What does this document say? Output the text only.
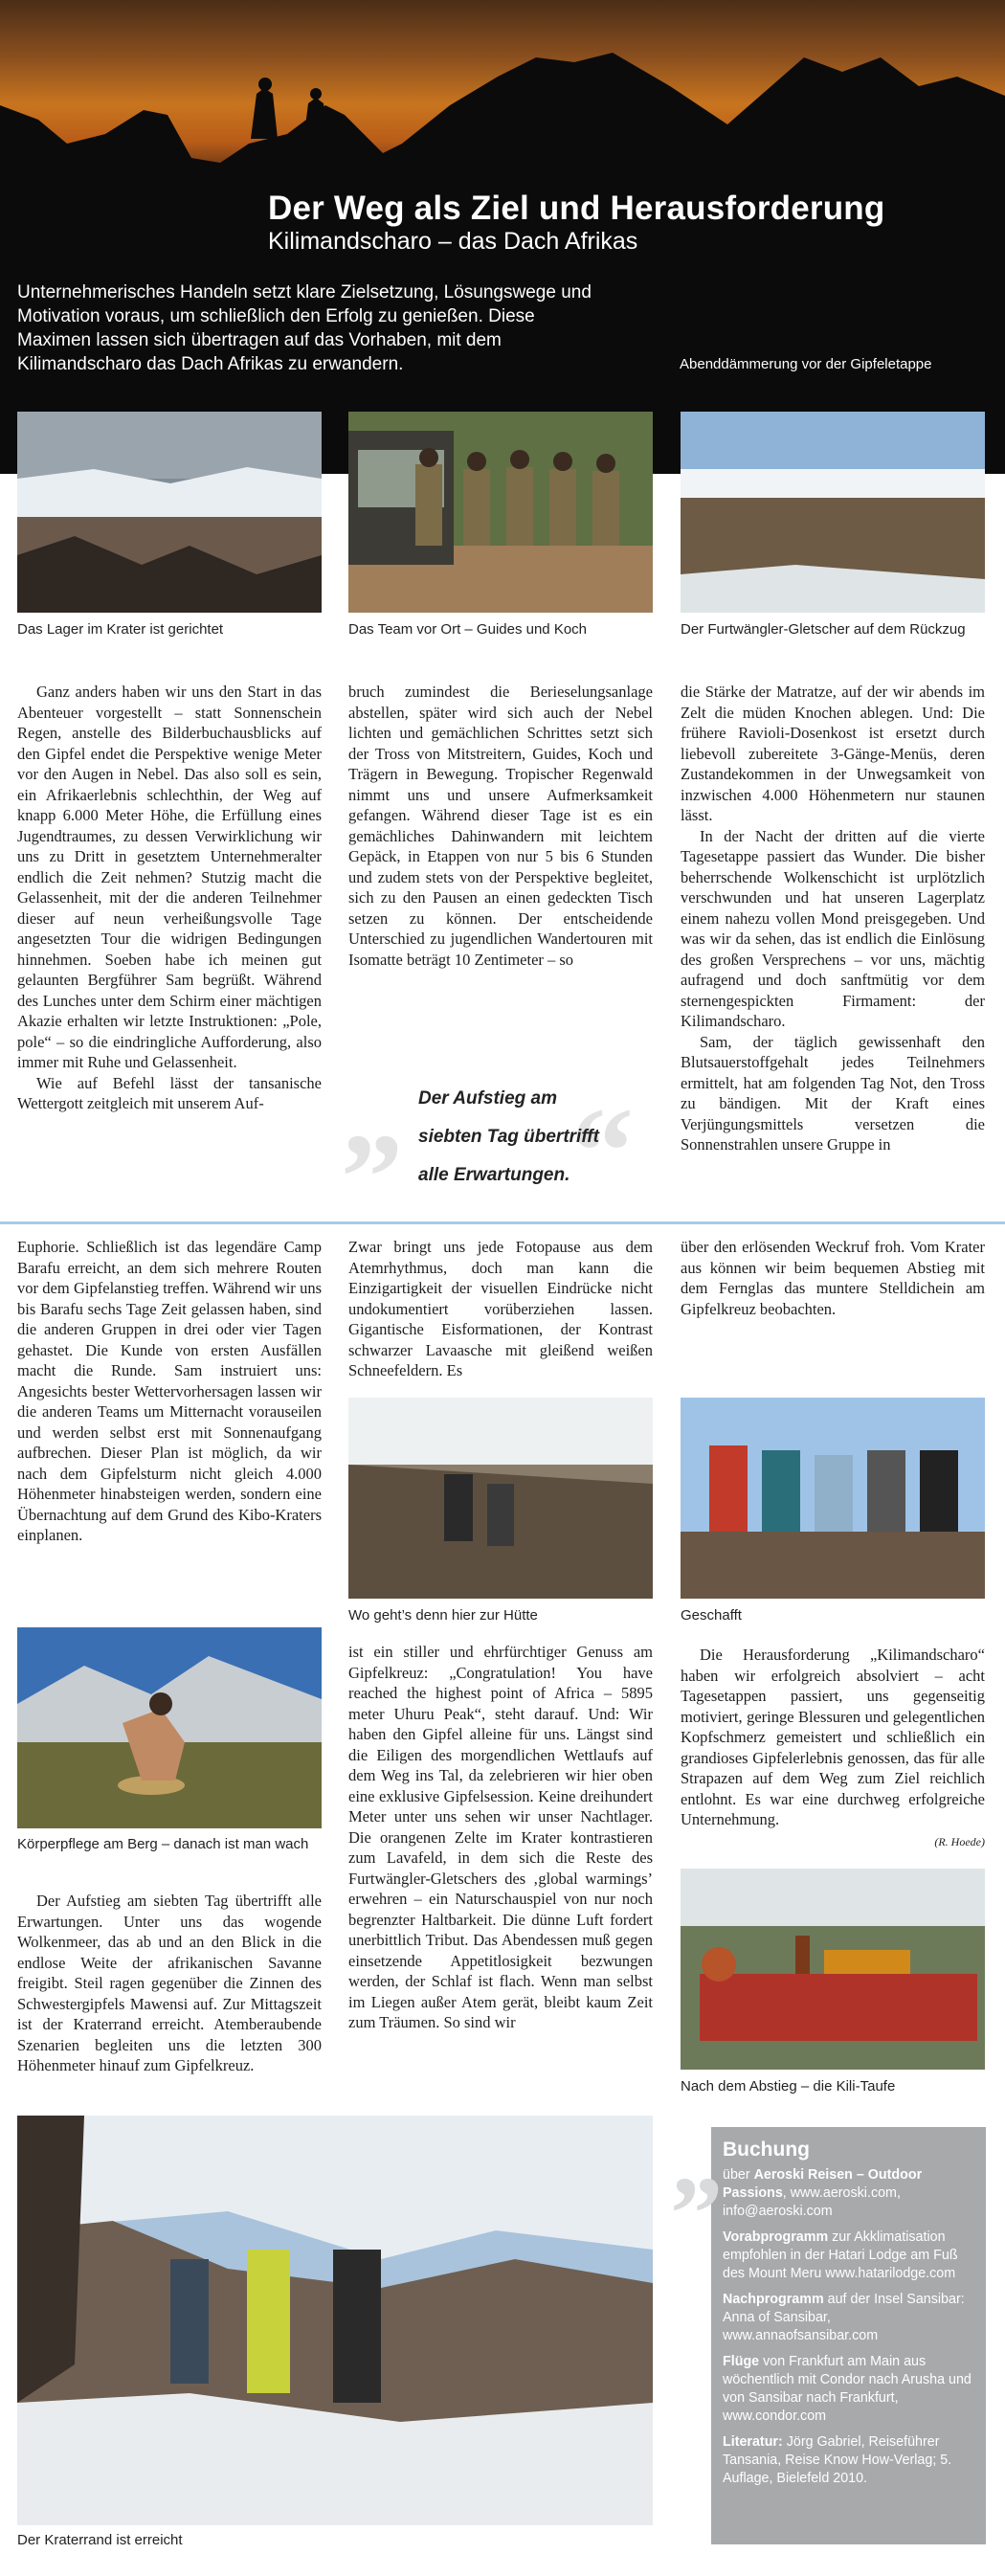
Der Weg als Ziel und Herausforderung
Kilimandscharo – das Dach Afrikas
Unternehmerisches Handeln setzt klare Zielsetzung, Lösungswege und Motivation voraus, um schließlich den Erfolg zu genießen. Diese Maximen lassen sich übertragen auf das Vorhaben, mit dem Kilimandscharo das Dach Afrikas zu erwandern.	Abenddämmerung vor der Gipfeletappe
Das Lager im Krater ist gerichtet	Das Team vor Ort – Guides und Koch	Der Furtwängler-Gletscher auf dem Rückzug

Ganz anders haben wir uns den Start in das Abenteuer vorgestellt – statt Sonnenschein Regen, anstelle des Bilderbuchausblicks auf den Gipfel endet die Perspektive wenige Meter vor den Augen in Nebel. Das also soll es sein, ein Afrikaerlebnis schlechthin, der Weg auf knapp 6.000 Meter Höhe, die Erfüllung eines Jugendtraumes, zu dessen Verwirklichung wir uns zu Dritt in gesetztem Unternehmeralter endlich die Zeit nehmen? Stutzig macht die Gelassenheit, mit der die anderen Teilnehmer dieser auf neun verheißungsvolle Tage angesetzten Tour die widrigen Bedingungen hinnehmen. Soeben habe ich meinen gut gelaunten Bergführer Sam begrüßt. Während des Lunches unter dem Schirm einer mächtigen Akazie erhalten wir letzte Instruktionen: „Pole, pole“ – so die eindringliche Aufforderung, also immer mit Ruhe und Gelassenheit.

Wie auf Befehl lässt der tansanische Wettergott zeitgleich mit unserem Auf-

bruch zumindest die Berieselungsanlage abstellen, später wird sich auch der Nebel lichten und gemächlichen Schrittes setzt sich der Tross von Mitstreitern, Guides, Koch und Trägern in Bewegung. Tropischer Regenwald nimmt uns und unsere Aufmerksamkeit gefangen. Während dieser Tage ist es ein gemächliches Dahinwandern mit leichtem Gepäck, in Etappen von nur 5 bis 6 Stunden und zudem stets von der Perspektive begleitet, sich zu den Pausen an einen gedeckten Tisch setzen zu können. Der entscheidende Unterschied zu jugendlichen Wandertouren mit Isomatte beträgt 10 Zentimeter – so

„ “
Der Aufstieg am
siebten Tag übertrifft
alle Erwartungen.

die Stärke der Matratze, auf der wir abends im Zelt die müden Knochen ablegen. Und: Die frühere Ravioli-Dosenkost ist ersetzt durch liebevoll zubereitete 3-Gänge-Menüs, deren Zustandekommen in der Unwegsamkeit von inzwischen 4.000 Höhenmetern nur staunen lässt.

In der Nacht der dritten auf die vierte Tagesetappe passiert das Wunder. Die bisher beherrschende Wolkenschicht ist urplötzlich verschwunden und hat unseren Lagerplatz einem nahezu vollen Mond preisgegeben. Und was wir da sehen, das ist endlich die Einlösung des großen Versprechens – vor uns, mächtig aufragend und doch sanftmütig vor dem sternengespickten Firmament: der Kilimandscharo.

Sam, der täglich gewissenhaft den Blutsauerstoffgehalt jedes Teilnehmers ermittelt, hat am folgenden Tag Not, den Tross zu bändigen. Mit der Kraft eines Verjüngungsmittels versetzen die Sonnenstrahlen unsere Gruppe in

Euphorie. Schließlich ist das legendäre Camp Barafu erreicht, an dem sich mehrere Routen vor dem Gipfelanstieg treffen. Während wir uns bis Barafu sechs Tage Zeit gelassen haben, sind die anderen Gruppen in drei oder vier Tagen gehastet. Die Kunde von ersten Ausfällen macht die Runde. Sam instruiert uns: Angesichts bester Wettervorhersagen lassen wir die anderen Teams um Mitternacht vorauseilen und werden selbst erst mit Sonnenaufgang aufbrechen. Dieser Plan ist möglich, da wir nach dem Gipfelsturm nicht gleich 4.000 Höhenmeter hinabsteigen werden, sondern eine Übernachtung auf dem Grund des Kibo-Kraters einplanen.

Körperpflege am Berg – danach ist man wach

Der Aufstieg am siebten Tag übertrifft alle Erwartungen. Unter uns das wogende Wolkenmeer, das ab und an den Blick in die endlose Weite der afrikanischen Savanne freigibt. Steil ragen gegenüber die Zinnen des Schwestergipfels Mawensi auf. Zur Mittagszeit ist der Kraterrand erreicht. Atemberaubende Szenarien begleiten uns die letzten 300 Höhenmeter hinauf zum Gipfelkreuz.

Zwar bringt uns jede Fotopause aus dem Atemrhythmus, doch man kann die Einzigartigkeit der visuellen Eindrücke nicht undokumentiert vorüberziehen lassen. Gigantische Eisformationen, der Kontrast schwarzer Lavaasche mit gleißend weißen Schneefeldern. Es

Wo geht’s denn hier zur Hütte

ist ein stiller und ehrfürchtiger Genuss am Gipfelkreuz: „Congratulation! You have reached the highest point of Africa – 5895 meter Uhuru Peak“, steht darauf. Und: Wir haben den Gipfel alleine für uns. Längst sind die Eiligen des morgendlichen Wettlaufs auf dem Weg ins Tal, da zelebrieren wir hier oben eine exklusive Gipfelsession. Keine dreihundert Meter unter uns sehen wir unser Nachtlager. Die orangenen Zelte im Krater kontrastieren zum Lavafeld, in dem sich die Reste des Furtwängler-Gletschers des ‚global warmings’ erwehren – ein Naturschauspiel von nur noch begrenzter Haltbarkeit. Die dünne Luft fordert unerbittlich Tribut. Das Abendessen muß gegen einsetzende Appetitlosigkeit bezwungen werden, der Schlaf ist flach. Wenn man selbst im Liegen außer Atem gerät, bleibt kaum Zeit zum Träumen. So sind wir

über den erlösenden Weckruf froh. Vom Krater aus können wir beim bequemen Abstieg mit dem Fernglas das muntere Stelldichein am Gipfelkreuz beobachten.

Geschafft

Die Herausforderung „Kilimandscharo“ haben wir erfolgreich absolviert – acht Tagesetappen passiert, uns gegenseitig motiviert, geringe Blessuren und gelegentlichen Kopfschmerz gemeistert und schließlich ein grandioses Gipfelerlebnis genossen, das für alle Strapazen auf dem Weg zum Ziel reichlich entlohnt. Es war eine durchweg erfolgreiche Unternehmung.

(R. Hoede)
Nach dem Abstieg – die Kili-Taufe
Der Kraterrand ist erreicht
„ Buchung

über Aeroski Reisen – Outdoor Passions, www.aeroski.com, info@aeroski.com

Vorabprogramm zur Akklimatisation empfohlen in der Hatari Lodge am Fuß des Mount Meru www.hatarilodge.com

Nachprogramm auf der Insel Sansibar: Anna of Sansibar, www.annaofsansibar.com

Flüge von Frankfurt am Main aus wöchentlich mit Condor nach Arusha und von Sansibar nach Frankfurt, www.condor.com

Literatur: Jörg Gabriel, Reiseführer Tansania, Reise Know How-Verlag; 5. Auflage, Bielefeld 2010.
